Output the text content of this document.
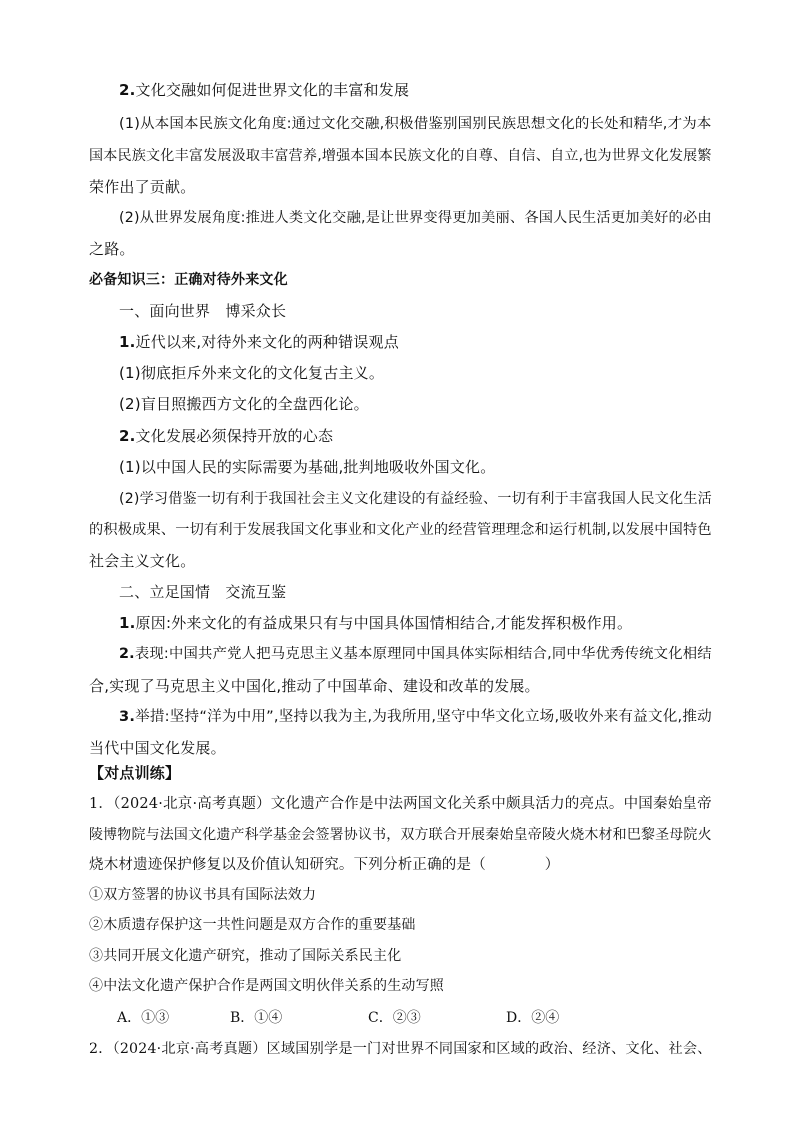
2.文化交融如何促进世界文化的丰富和发展
(1)从本国本民族文化角度:通过文化交融,积极借鉴别国别民族思想文化的长处和精华,才为本
国本民族文化丰富发展汲取丰富营养,增强本国本民族文化的自尊、自信、自立,也为世界文化发展繁
荣作出了贡献。
(2)从世界发展角度:推进人类文化交融,是让世界变得更加美丽、各国人民生活更加美好的必由
之路。
必备知识三：正确对待外来文化
一、面向世界　博采众长
1.近代以来,对待外来文化的两种错误观点
(1)彻底拒斥外来文化的文化复古主义。
(2)盲目照搬西方文化的全盘西化论。
2.文化发展必须保持开放的心态
(1)以中国人民的实际需要为基础,批判地吸收外国文化。
(2)学习借鉴一切有利于我国社会主义文化建设的有益经验、一切有利于丰富我国人民文化生活
的积极成果、一切有利于发展我国文化事业和文化产业的经营管理理念和运行机制,以发展中国特色
社会主义文化。
二、立足国情　交流互鉴
1.原因:外来文化的有益成果只有与中国具体国情相结合,才能发挥积极作用。
2.表现:中国共产党人把马克思主义基本原理同中国具体实际相结合,同中华优秀传统文化相结
合,实现了马克思主义中国化,推动了中国革命、建设和改革的发展。
3.举措:坚持“洋为中用”,坚持以我为主,为我所用,坚守中华文化立场,吸收外来有益文化,推动
当代中国文化发展。
【对点训练】
1．（2024·北京·高考真题）文化遗产合作是中法两国文化关系中颇具活力的亮点。中国秦始皇帝
陵博物院与法国文化遗产科学基金会签署协议书，双方联合开展秦始皇帝陵火烧木材和巴黎圣母院火
烧木材遗迹保护修复以及价值认知研究。下列分析正确的是（　　　　）
①双方签署的协议书具有国际法效力
②木质遗存保护这一共性问题是双方合作的重要基础
③共同开展文化遗产研究，推动了国际关系民主化
④中法文化遗产保护合作是两国文明伙伴关系的生动写照
A．①③	B．①④	C．②③	D．②④
2．（2024·北京·高考真题）区域国别学是一门对世界不同国家和区域的政治、经济、文化、社会、
